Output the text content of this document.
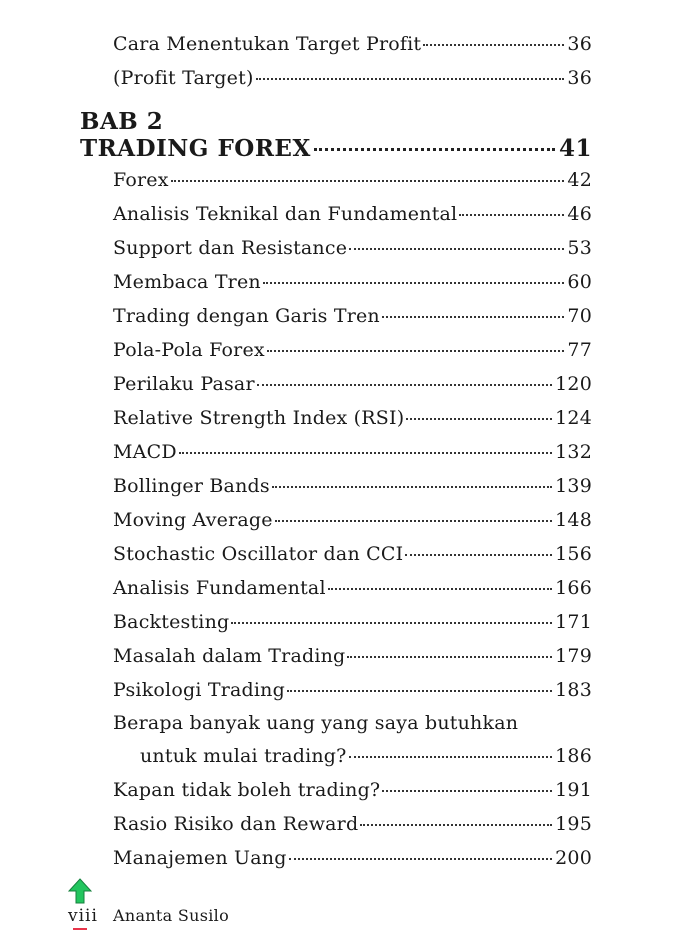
Cara Menentukan Target Profit	36
(Profit Target)	36
BAB 2
TRADING FOREX	41
Forex	42
Analisis Teknikal dan Fundamental	46
Support dan Resistance	53
Membaca Tren	60
Trading dengan Garis Tren	70
Pola-Pola Forex	77
Perilaku Pasar	120
Relative Strength Index (RSI)	124
MACD	132
Bollinger Bands	139
Moving Average	148
Stochastic Oscillator dan CCI	156
Analisis Fundamental	166
Backtesting	171
Masalah dalam Trading	179
Psikologi Trading	183
Berapa banyak uang yang saya butuhkan
untuk mulai trading?	186
Kapan tidak boleh trading?	191
Rasio Risiko dan Reward	195
Manajemen Uang	200
viii Ananta Susilo
